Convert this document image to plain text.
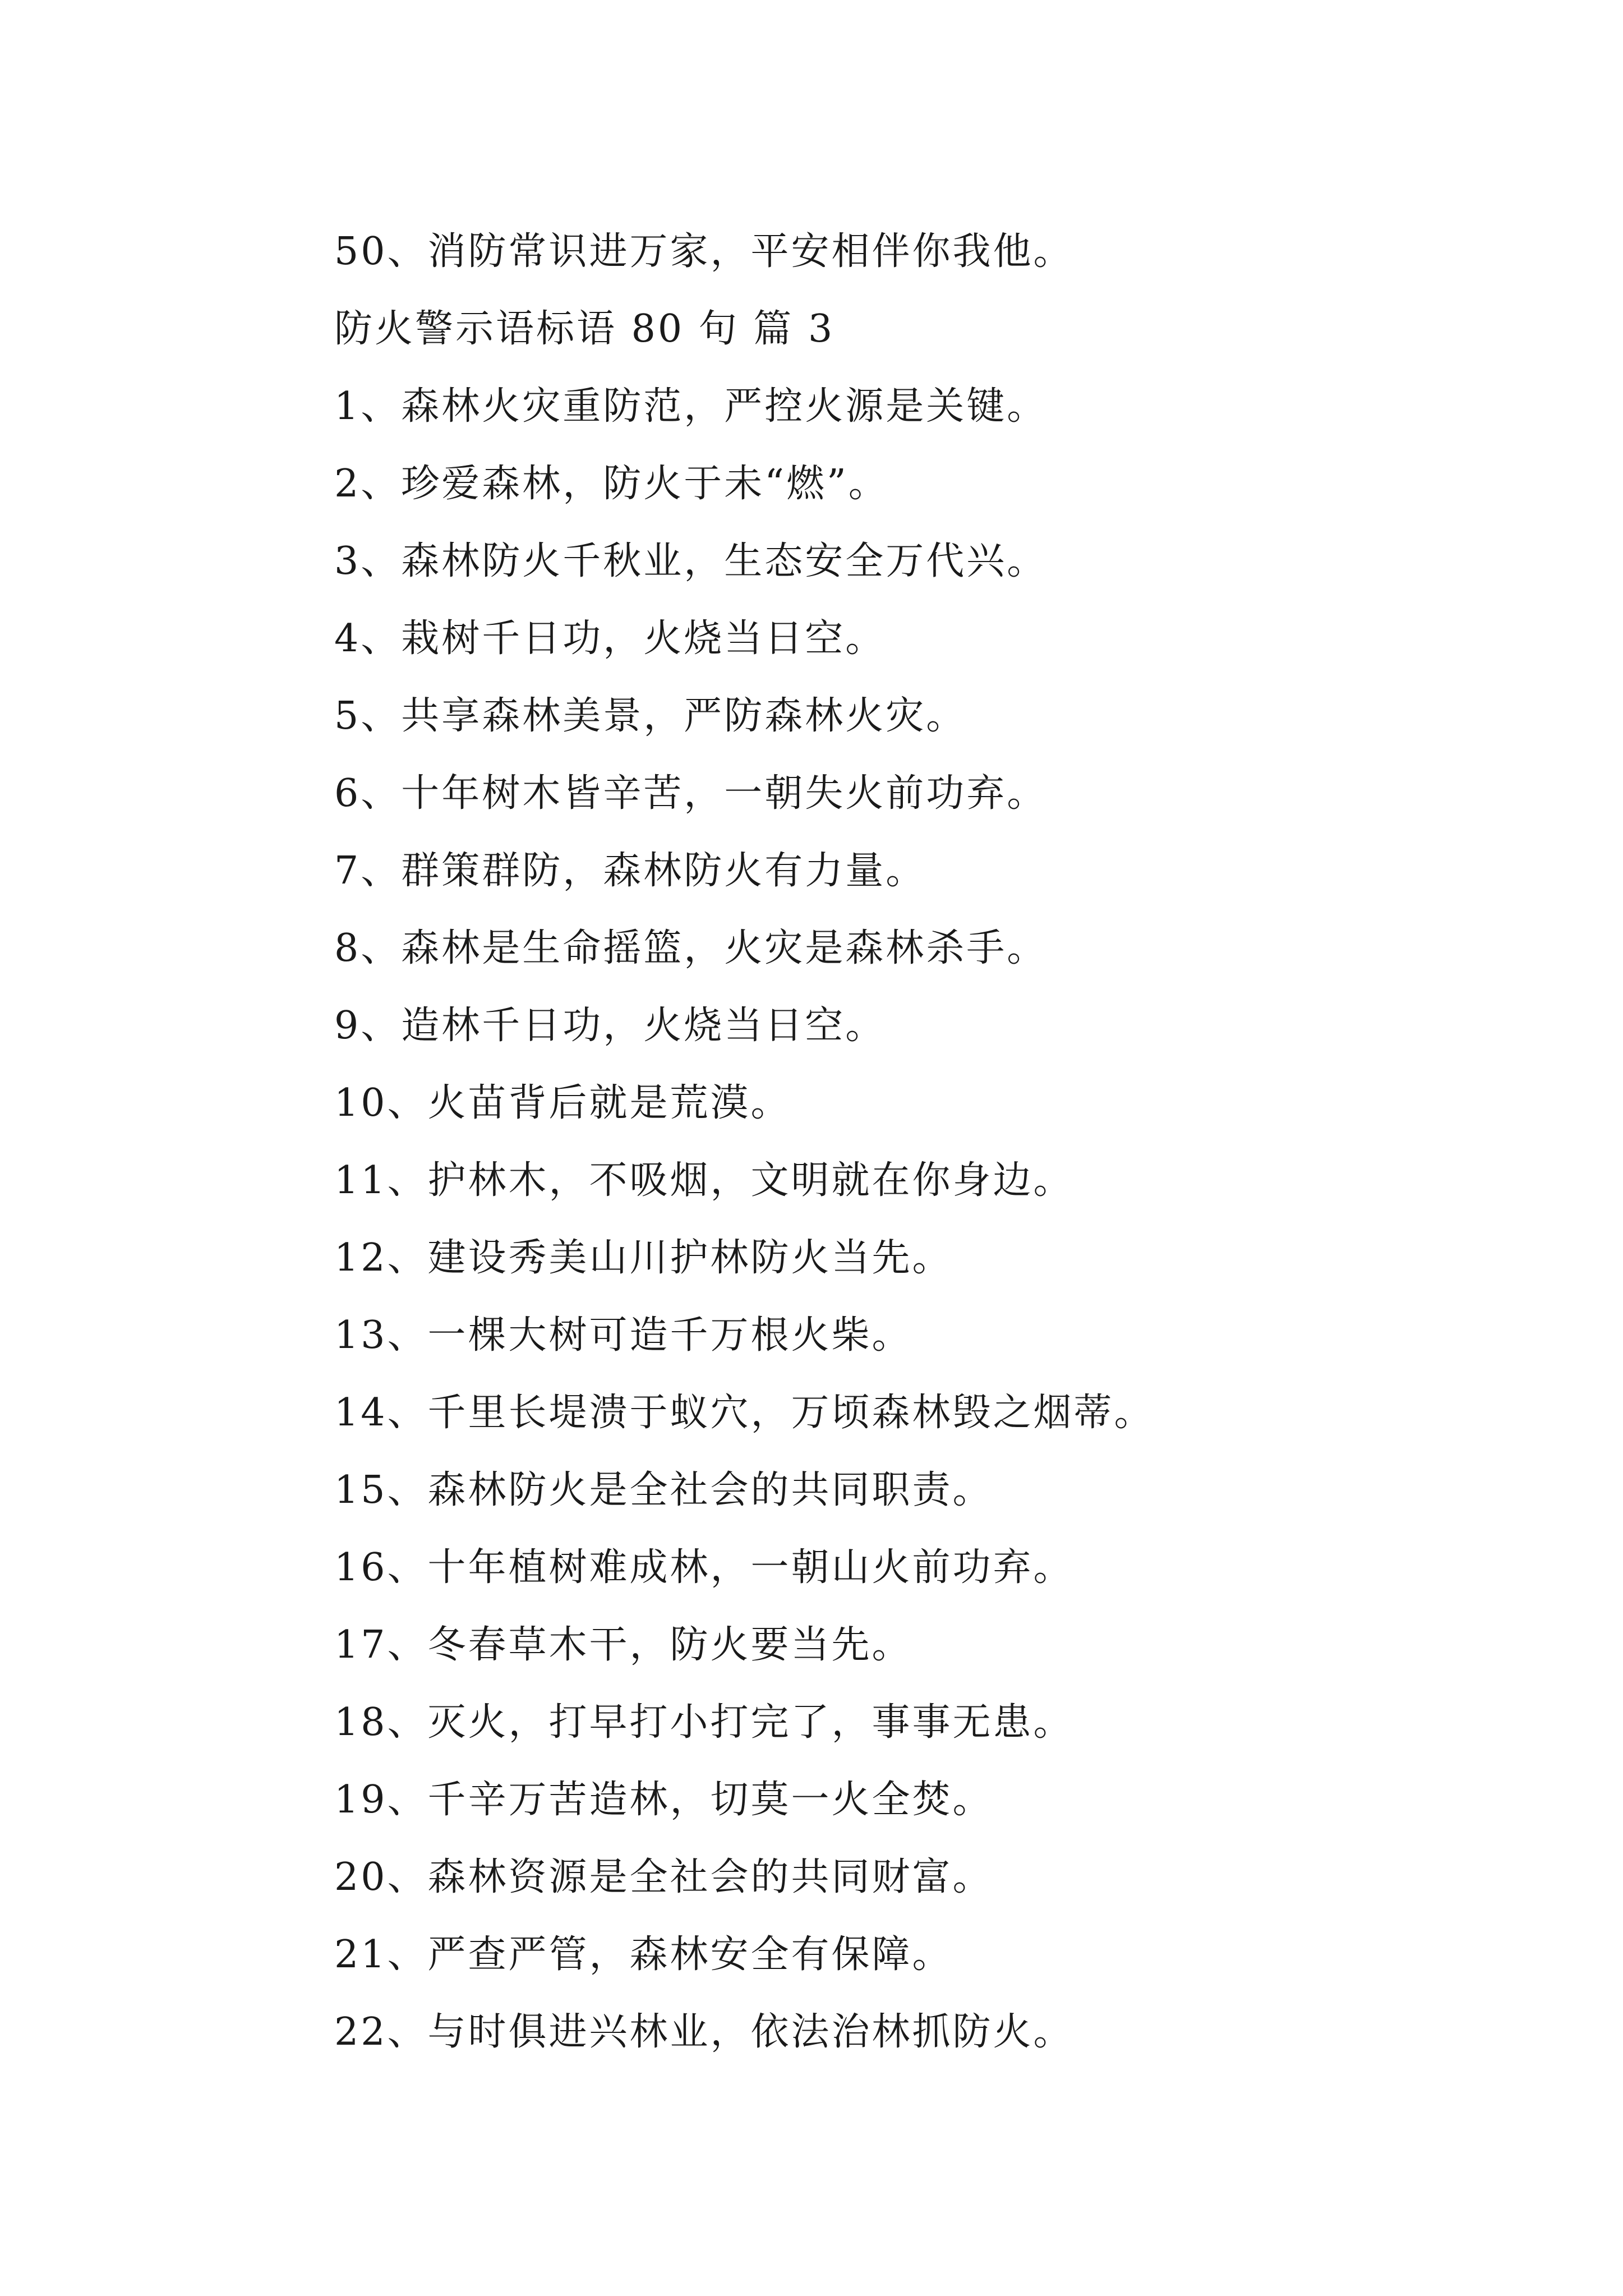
50、消防常识进万家，平安相伴你我他。
防火警示语标语 80 句 篇 3
1、森林火灾重防范，严控火源是关键。
2、珍爱森林，防火于未“燃”。
3、森林防火千秋业，生态安全万代兴。
4、栽树千日功，火烧当日空。
5、共享森林美景，严防森林火灾。
6、十年树木皆辛苦，一朝失火前功弃。
7、群策群防，森林防火有力量。
8、森林是生命摇篮，火灾是森林杀手。
9、造林千日功，火烧当日空。
10、火苗背后就是荒漠。
11、护林木，不吸烟，文明就在你身边。
12、建设秀美山川护林防火当先。
13、一棵大树可造千万根火柴。
14、千里长堤溃于蚁穴，万顷森林毁之烟蒂。
15、森林防火是全社会的共同职责。
16、十年植树难成林，一朝山火前功弃。
17、冬春草木干，防火要当先。
18、灭火，打早打小打完了，事事无患。
19、千辛万苦造林，切莫一火全焚。
20、森林资源是全社会的共同财富。
21、严查严管，森林安全有保障。
22、与时俱进兴林业，依法治林抓防火。
